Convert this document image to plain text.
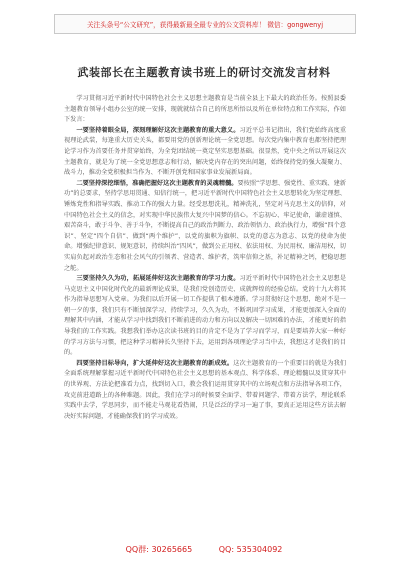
关注头条号“公文研究”，获得最新最全最专业的公文资料库！ 微信：gongwenyj
武装部长在主题教育读书班上的研讨交流发言材料

学习贯彻习近平新时代中国特色社会主义思想主题教育是当前全县上下最大的政治任务。按照县委主题教育领导小组办公室的统一安排，现就就结合自己的所思所悟以及所在单位特点和工作实际，作如下发言：

一要坚持着眼全局，深刻理解好这次主题教育的重大意义。习近平总书记指出，我们党始终高度重视理论武装，每逢重大历史关头，都要用党的创新理论统一全党思想。每次党内集中教育也都坚持把理论学习作为首要任务并贯穿始终，为全党团结统一奠定坚实思想基础。很显然，党中央之所以开展这次主题教育，就是为了统一全党思想意志和行动，解决党内存在的突出问题，始终保持党的强大凝聚力、战斗力，推动全党积极担当作为、不断开创党和国家事业发展新局面。

二要坚持深挖细悟，准确把握好这次主题教育的灵魂精髓。要按照“学思想、强党性、重实践、建新功”的总要求，坚持学思用贯通、知信行统一，把习近平新时代中国特色社会主义思想转化为坚定理想、锤炼党性和指导实践、推动工作的强大力量。经受思想洗礼，精神洗礼，坚定对马克思主义的信仰，对中国特色社会主义的信念，对实现中华民族伟大复兴中国梦的信心。不忘初心、牢记使命，谦虚谨慎、艰苦奋斗，敢于斗争、善于斗争，不断提高自己的政治判断力、政治领悟力、政治执行力，增强“四个意识”、坚定“四个自信”、做到“两个维护”，以党的旗帜为旗帜、以党的意志为意志、以党的使命为使命。增强纪律意识、规矩意识，持续纠治“四风”，做到公正用权、依法用权、为民用权、廉洁用权，切实肩负起对政治生态和社会风气的引领者、营造者、维护者，筑牢信仰之基，补足精神之钙，把稳思想之舵。

三要坚持久久为功，拓展延伸好这次主题教育的学习力度。习近平新时代中国特色社会主义思想是马克思主义中国化时代化的最新理论成果，是我们党创造历史、成就辉煌的经验总结。党的十九大将其作为指导思想写入党章。为我们以后开展一切工作提供了根本遵循。学习贯彻好这个思想，绝对不是一朝一夕的事，我们只有不断加深学习、持续学习，久久为功，不断巩固学习成果，才能更加深入全面的理解其中内涵，才能从学习中找到我们不断前进的动力和方向以及解决一切困难的办法，才能更好的指导我们的工作实践。我想我们举办这次读书班的目的肯定不是为了学习而学习，而是要培养大家一种好的学习方法与习惯，把这种学习精神长久坚持下去，运用到各项理论学习当中去，我想这才是我们的目的。

四要坚持目标导向，扩大延伸好这次主题教育的新成效。这次主题教育的一个重要目的就是为我们全面系统理解掌握习近平新时代中国特色社会主义思想的基本观点、科学体系、理论精髓以及贯穿其中的世界观、方法论把准看力点，找到切入口，教会我们运用贯穿其中的立场观点和方法指导各项工作，攻克前进道路上的各种难题。因此，我们在学习的时候要全面学、带着问题学、带着方法学，理论联系实践中去学，学思同步，而不能走马观花看热闹，只是泛泛的学习一遍了事，要真正运用这些方法去解决好实际问题，才能确保我们的学习成效。

QQ群: 30265665	QQ: 535304092
